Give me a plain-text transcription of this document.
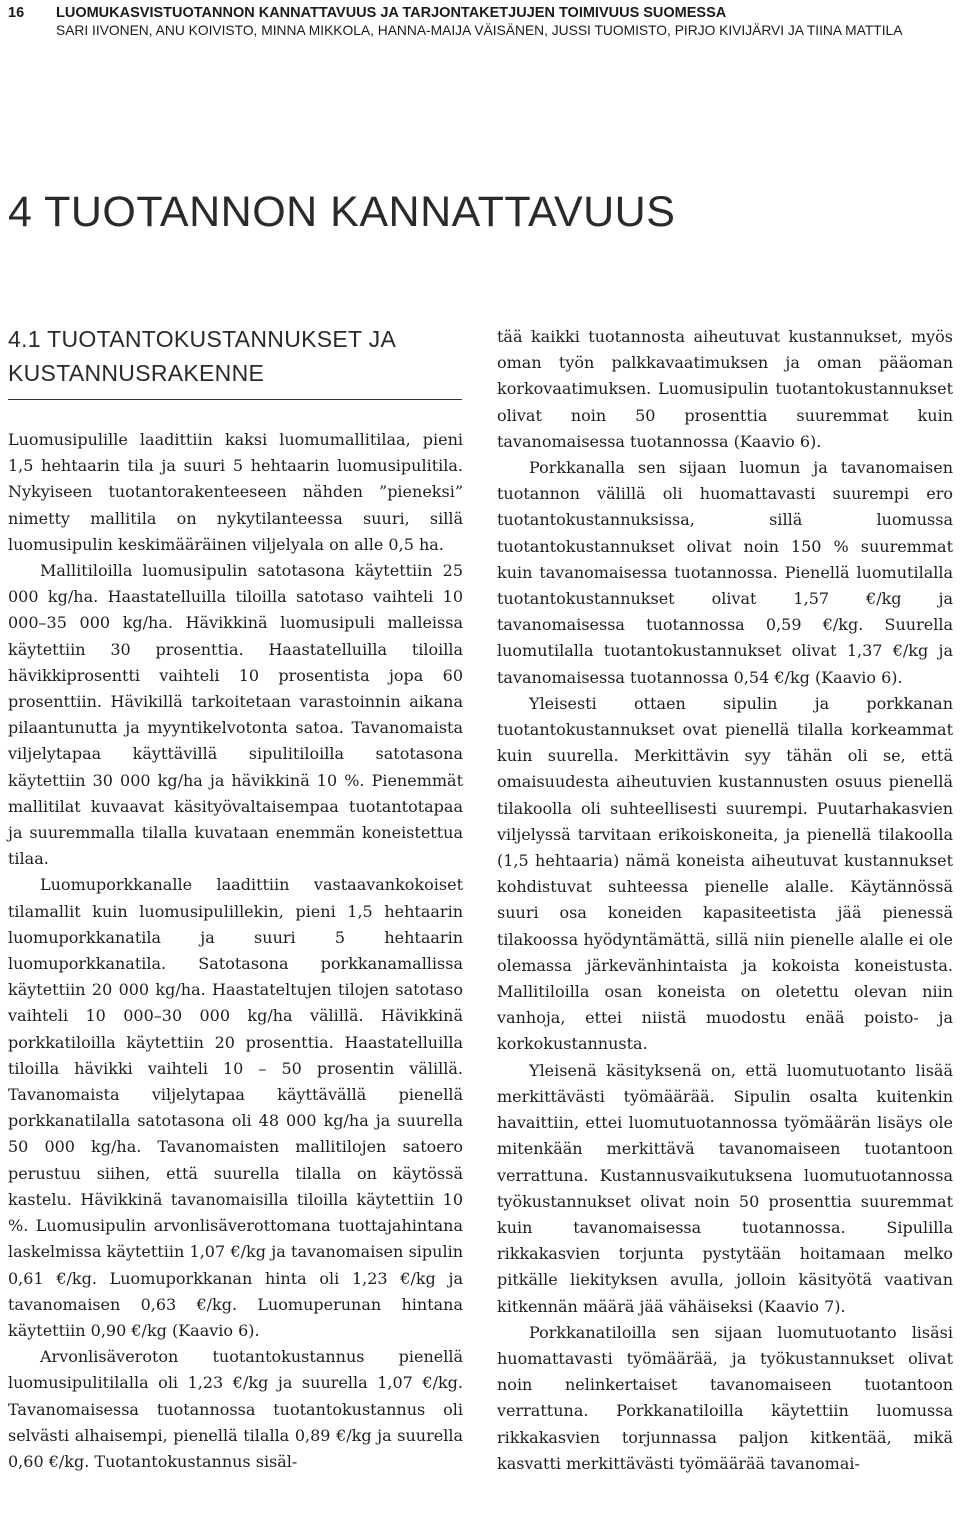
16	LUOMUKASVISTUOTANNON KANNATTAVUUS JA TARJONTAKETJUJEN TOIMIVUUS SUOMESSA
SARI IIVONEN, ANU KOIVISTO, MINNA MIKKOLA, HANNA-MAIJA VÄISÄNEN, JUSSI TUOMISTO, PIRJO KIVIJÄRVI JA TIINA MATTILA
4 TUOTANNON KANNATTAVUUS
4.1 TUOTANTOKUSTANNUKSET JA KUSTANNUSRAKENNE

Luomusipulille laadittiin kaksi luomumallitilaa, pieni 1,5 hehtaarin tila ja suuri 5 hehtaarin luomusipulitila. Nykyiseen tuotantorakenteeseen nähden ”pieneksi” nimetty mallitila on nykytilanteessa suuri, sillä luomusipulin keskimääräinen viljelyala on alle 0,5 ha.

Mallitiloilla luomusipulin satotasona käytettiin 25 000 kg/ha. Haastatelluilla tiloilla satotaso vaihteli 10 000–35 000 kg/ha. Hävikkinä luomusipuli malleissa käytettiin 30 prosenttia. Haastatelluilla tiloilla hävikkiprosentti vaihteli 10 prosentista jopa 60 prosenttiin. Hävikillä tarkoitetaan varastoinnin aikana pilaantunutta ja myyntikelvotonta satoa. Tavanomaista viljelytapaa käyttävillä sipulitiloilla satotasona käytettiin 30 000 kg/ha ja hävikkinä 10 %. Pienemmät mallitilat kuvaavat käsityövaltaisempaa tuotantotapaa ja suuremmalla tilalla kuvataan enemmän koneistettua tilaa.

Luomuporkkanalle laadittiin vastaavankokoiset tilamallit kuin luomusipulillekin, pieni 1,5 hehtaarin luomuporkkanatila ja suuri 5 hehtaarin luomuporkkanatila. Satotasona porkkanamallissa käytettiin 20 000 kg/ha. Haastateltujen tilojen satotaso vaihteli 10 000–30 000 kg/ha välillä. Hävikkinä porkkatiloilla käytettiin 20 prosenttia. Haastatelluilla tiloilla hävikki vaihteli 10 – 50 prosentin välillä. Tavanomaista viljelytapaa käyttävällä pienellä porkkanatilalla satotasona oli 48 000 kg/ha ja suurella 50 000 kg/ha. Tavanomaisten mallitilojen satoero perustuu siihen, että suurella tilalla on käytössä kastelu. Hävikkinä tavanomaisilla tiloilla käytettiin 10 %. Luomusipulin arvonlisäverottomana tuottajahintana laskelmissa käytettiin 1,07 €/kg ja tavanomaisen sipulin 0,61 €/kg. Luomuporkkanan hinta oli 1,23 €/kg ja tavanomaisen 0,63 €/kg. Luomuperunan hintana käytettiin 0,90 €/kg (Kaavio 6).

Arvonlisäveroton tuotantokustannus pienellä luomusipulitilalla oli 1,23 €/kg ja suurella 1,07 €/kg. Tavanomaisessa tuotannossa tuotantokustannus oli selvästi alhaisempi, pienellä tilalla 0,89 €/kg ja suurella 0,60 €/kg. Tuotantokustannus sisäl-

tää kaikki tuotannosta aiheutuvat kustannukset, myös oman työn palkkavaatimuksen ja oman pääoman korkovaatimuksen. Luomusipulin tuotantokustannukset olivat noin 50 prosenttia suuremmat kuin tavanomaisessa tuotannossa (Kaavio 6).

Porkkanalla sen sijaan luomun ja tavanomaisen tuotannon välillä oli huomattavasti suurempi ero tuotantokustannuksissa, sillä luomussa tuotantokustannukset olivat noin 150 % suuremmat kuin tavanomaisessa tuotannossa. Pienellä luomutilalla tuotantokustannukset olivat 1,57 €/kg ja tavanomaisessa tuotannossa 0,59 €/kg. Suurella luomutilalla tuotantokustannukset olivat 1,37 €/kg ja tavanomaisessa tuotannossa 0,54 €/kg (Kaavio 6).

Yleisesti ottaen sipulin ja porkkanan tuotantokustannukset ovat pienellä tilalla korkeammat kuin suurella. Merkittävin syy tähän oli se, että omaisuudesta aiheutuvien kustannusten osuus pienellä tilakoolla oli suhteellisesti suurempi. Puutarhakasvien viljelyssä tarvitaan erikoiskoneita, ja pienellä tilakoolla (1,5 hehtaaria) nämä koneista aiheutuvat kustannukset kohdistuvat suhteessa pienelle alalle. Käytännössä suuri osa koneiden kapasiteetista jää pienessä tilakoossa hyödyntämättä, sillä niin pienelle alalle ei ole olemassa järkevänhintaista ja kokoista koneistusta. Mallitiloilla osan koneista on oletettu olevan niin vanhoja, ettei niistä muodostu enää poisto- ja korkokustannusta.

Yleisenä käsityksenä on, että luomutuotanto lisää merkittävästi työmäärää. Sipulin osalta kuitenkin havaittiin, ettei luomutuotannossa työmäärän lisäys ole mitenkään merkittävä tavanomaiseen tuotantoon verrattuna. Kustannusvaikutuksena luomutuotannossa työkustannukset olivat noin 50 prosenttia suuremmat kuin tavanomaisessa tuotannossa. Sipulilla rikkakasvien torjunta pystytään hoitamaan melko pitkälle liekityksen avulla, jolloin käsityötä vaativan kitkennän määrä jää vähäiseksi (Kaavio 7).

Porkkanatiloilla sen sijaan luomutuotanto lisäsi huomattavasti työmäärää, ja työkustannukset olivat noin nelinkertaiset tavanomaiseen tuotantoon verrattuna. Porkkanatiloilla käytettiin luomussa rikkakasvien torjunnassa paljon kitkentää, mikä kasvatti merkittävästi työmäärää tavanomai-
